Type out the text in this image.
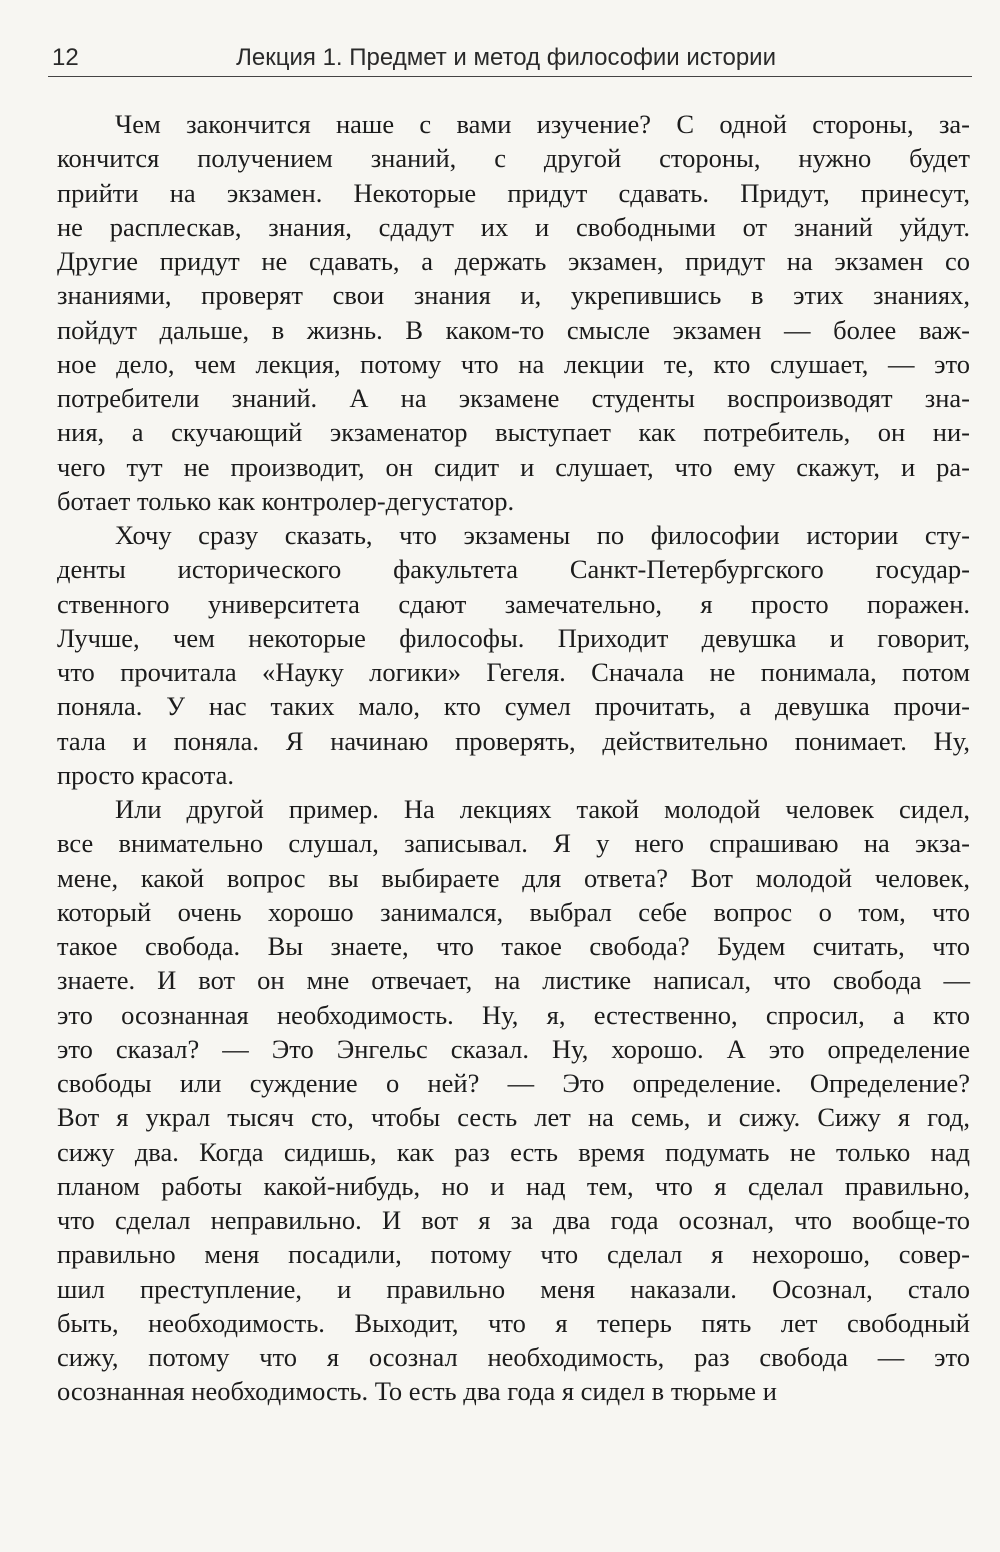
12	Лекция 1. Предмет и метод философии истории
Чем закончится наше с вами изучение? С одной стороны, за-
кончится получением знаний, с другой стороны, нужно будет
прийти на экзамен. Некоторые придут сдавать. Придут, принесут,
не расплескав, знания, сдадут их и свободными от знаний уйдут.
Другие придут не сдавать, а держать экзамен, придут на экзамен со
знаниями, проверят свои знания и, укрепившись в этих знаниях,
пойдут дальше, в жизнь. В каком-то смысле экзамен — более важ-
ное дело, чем лекция, потому что на лекции те, кто слушает, — это
потребители знаний. А на экзамене студенты воспроизводят зна-
ния, а скучающий экзаменатор выступает как потребитель, он ни-
чего тут не производит, он сидит и слушает, что ему скажут, и ра-
ботает только как контролер-дегустатор.
Хочу сразу сказать, что экзамены по философии истории сту-
денты исторического факультета Санкт-Петербургского государ-
ственного университета сдают замечательно, я просто поражен.
Лучше, чем некоторые философы. Приходит девушка и говорит,
что прочитала «Науку логики» Гегеля. Сначала не понимала, потом
поняла. У нас таких мало, кто сумел прочитать, а девушка прочи-
тала и поняла. Я начинаю проверять, действительно понимает. Ну,
просто красота.
Или другой пример. На лекциях такой молодой человек сидел,
все внимательно слушал, записывал. Я у него спрашиваю на экза-
мене, какой вопрос вы выбираете для ответа? Вот молодой человек,
который очень хорошо занимался, выбрал себе вопрос о том, что
такое свобода. Вы знаете, что такое свобода? Будем считать, что
знаете. И вот он мне отвечает, на листике написал, что свобода —
это осознанная необходимость. Ну, я, естественно, спросил, а кто
это сказал? — Это Энгельс сказал. Ну, хорошо. А это определение
свободы или суждение о ней? — Это определение. Определение?
Вот я украл тысяч сто, чтобы сесть лет на семь, и сижу. Сижу я год,
сижу два. Когда сидишь, как раз есть время подумать не только над
планом работы какой-нибудь, но и над тем, что я сделал правильно,
что сделал неправильно. И вот я за два года осознал, что вообще-то
правильно меня посадили, потому что сделал я нехорошо, совер-
шил преступление, и правильно меня наказали. Осознал, стало
быть, необходимость. Выходит, что я теперь пять лет свободный
сижу, потому что я осознал необходимость, раз свобода — это
осознанная необходимость. То есть два года я сидел в тюрьме и
